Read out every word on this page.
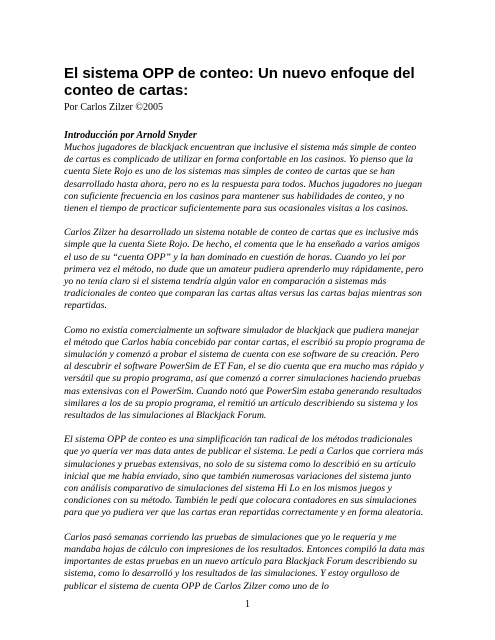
El sistema OPP de conteo: Un nuevo enfoque del conteo de cartas:

Por Carlos Zilzer ©2005

Introducción por Arnold Snyder

Muchos jugadores de blackjack encuentran que inclusive el sistema más simple de conteo de cartas es complicado de utilizar en forma confortable en los casinos. Yo pienso que la cuenta Siete Rojo es uno de los sistemas mas simples de conteo de cartas que se han desarrollado hasta ahora, pero no es la respuesta para todos. Muchos jugadores no juegan con suficiente frecuencia en los casinos para mantener sus habilidades de conteo, y no tienen el tiempo de practicar suficientemente para sus ocasionales visitas a los casinos.

Carlos Zilzer ha desarrollado un sistema notable de conteo de cartas que es inclusive más simple que la cuenta Siete Rojo. De hecho, el comenta que le ha enseñado a varios amigos el uso de su “cuenta OPP” y la han dominado en cuestión de horas. Cuando yo leí por primera vez el método, no dude que un amateur pudiera aprenderlo muy rápidamente, pero yo no tenía claro si el sistema tendría algún valor en comparación a sistemas más tradicionales de conteo que comparan las cartas altas versus las cartas bajas mientras son repartidas.

Como no existía comercialmente un software simulador de blackjack que pudiera manejar el método que Carlos había concebido par contar cartas, el escribió su propio programa de simulación y comenzó a probar el sistema de cuenta con ese software de su creación. Pero al descubrir el software PowerSim de ET Fan, el se dio cuenta que era mucho mas rápido y versátil que su propio programa, así que comenzó a correr simulaciones haciendo pruebas mas extensivas con el PowerSim. Cuando notó que PowerSim estaba generando resultados similares a los de su propio programa, el remitió un artículo describiendo su sistema y los resultados de las simulaciones al Blackjack Forum.

El sistema OPP de conteo es una simplificación tan radical de los métodos tradicionales que yo quería ver mas data antes de publicar el sistema. Le pedí a Carlos que corriera más simulaciones y pruebas extensivas, no solo de su sistema como lo describió en su artículo inicial que me había enviado, sino que también numerosas variaciones del sistema junto con análisis comparativo de simulaciones del sistema Hi Lo en los mismos juegos y condiciones con su método. También le pedí que colocara contadores en sus simulaciones para que yo pudiera ver que las cartas eran repartidas correctamente y en forma aleatoria.

Carlos pasó semanas corriendo las pruebas de simulaciones que yo le requería y me mandaba hojas de cálculo con impresiones de los resultados. Entonces compiló la data mas importantes de estas pruebas en un nuevo artículo para Blackjack Forum describiendo su sistema, como lo desarrolló y los resultados de las simulaciones. Y estoy orgulloso de publicar el sistema de cuenta OPP de Carlos Zilzer como uno de lo

1
